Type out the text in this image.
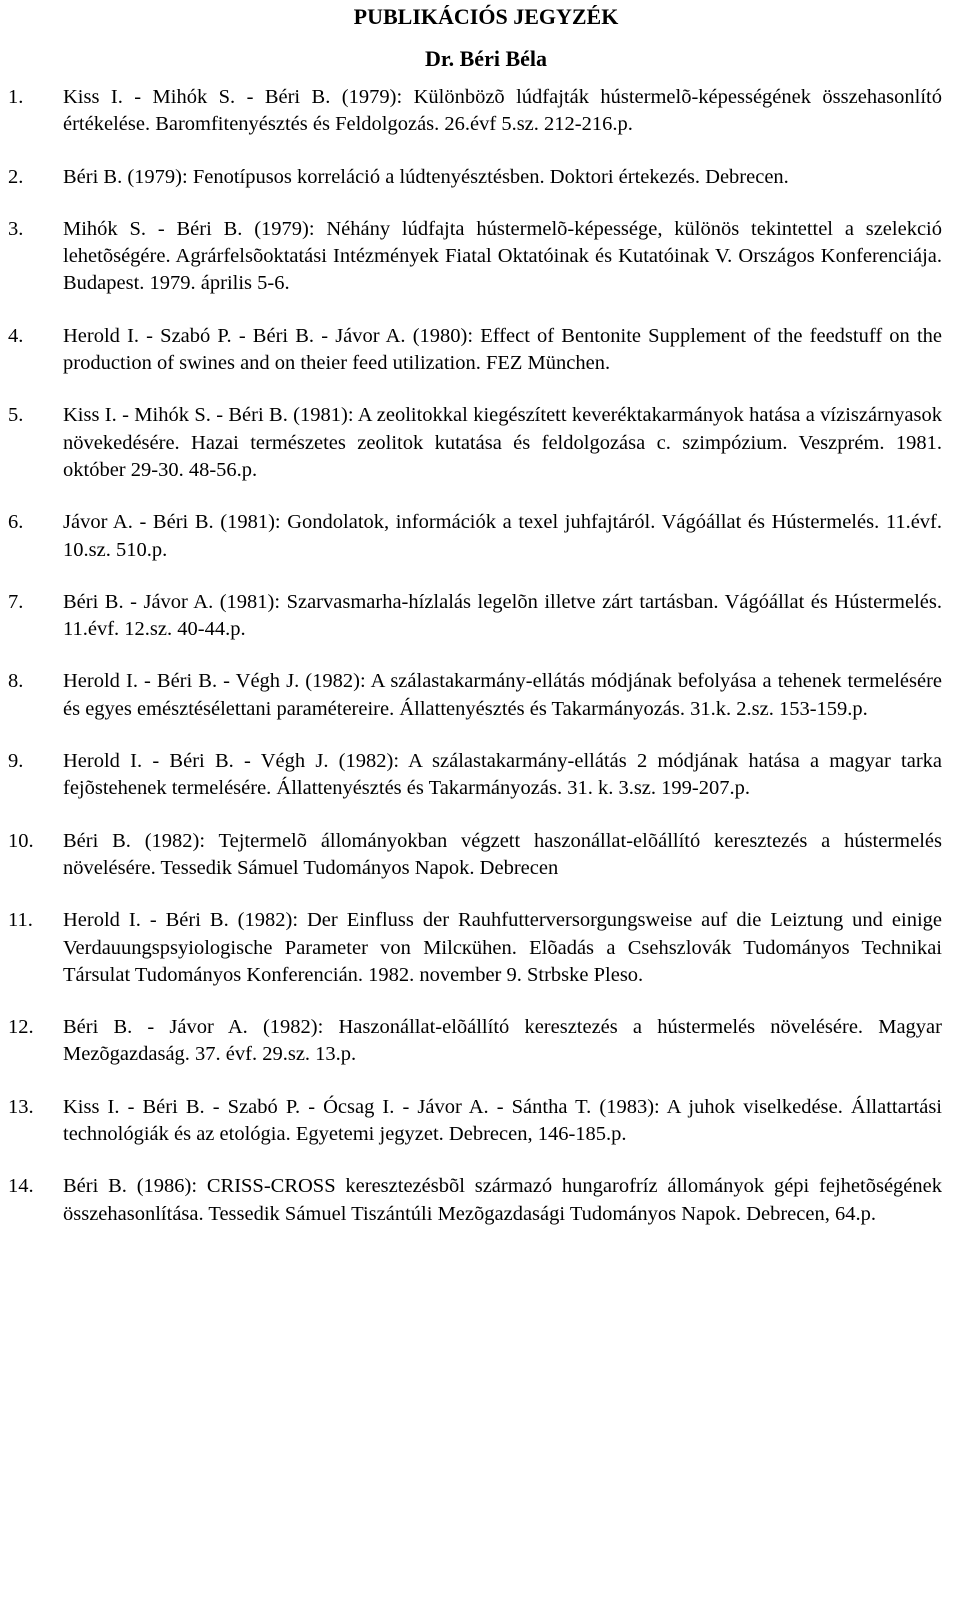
PUBLIKÁCIÓS JEGYZÉK
Dr. Béri Béla
1.	Kiss I. - Mihók S. - Béri B. (1979): Különbözõ lúdfajták hústermelõ-képességének összehasonlító értékelése. Baromfitenyésztés és Feldolgozás. 26.évf 5.sz. 212-216.p.
2.	Béri B. (1979): Fenotípusos korreláció a lúdtenyésztésben. Doktori értekezés. Debrecen.
3.	Mihók S. - Béri B. (1979): Néhány lúdfajta hústermelõ-képessége, különös tekintettel a szelekció lehetõségére. Agrárfelsõoktatási Intézmények Fiatal Oktatóinak és Kutatóinak V. Országos Konferenciája. Budapest. 1979. április 5-6.
4.	Herold I. - Szabó P. - Béri B. - Jávor A. (1980): Effect of Bentonite Supplement of the feedstuff on the production of swines and on theier feed utilization. FEZ München.
5.	Kiss I. - Mihók S. - Béri B. (1981): A zeolitokkal kiegészített keveréktakarmányok hatása a víziszárnyasok növekedésére. Hazai természetes zeolitok kutatása és feldolgozása c. szimpózium. Veszprém. 1981. október 29-30. 48-56.p.
6.	Jávor A. - Béri B. (1981): Gondolatok, információk a texel juhfajtáról. Vágóállat és Hústermelés. 11.évf. 10.sz. 510.p.
7.	Béri B. - Jávor A. (1981): Szarvasmarha-hízlalás legelõn illetve zárt tartásban. Vágóállat és Hústermelés. 11.évf. 12.sz. 40-44.p.
8.	Herold I. - Béri B. - Végh J. (1982): A szálastakarmány-ellátás módjának befolyása a tehenek termelésére és egyes emésztésélettani paramétereire. Állattenyésztés és Takarmányozás. 31.k. 2.sz. 153-159.p.
9.	Herold I. - Béri B. - Végh J. (1982): A szálastakarmány-ellátás 2 módjának hatása a magyar tarka fejõstehenek termelésére. Állattenyésztés és Takarmányozás. 31. k. 3.sz. 199-207.p.
10.	Béri B. (1982): Tejtermelõ állományokban végzett haszonállat-elõállító keresztezés a hústermelés növelésére. Tessedik Sámuel Tudományos Napok. Debrecen
11.	Herold I. - Béri B. (1982): Der Einfluss der Rauhfutterversorgungsweise auf die Leiztung und einige Verdauungspsyiologische Parameter von Milcкühen. Elõadás a Csehszlovák Tudományos Technikai Társulat Tudományos Konferencián. 1982. november 9. Strbske Pleso.
12.	Béri B. - Jávor A. (1982): Haszonállat-elõállító keresztezés a hústermelés növelésére. Magyar Mezõgazdaság. 37. évf. 29.sz. 13.p.
13.	Kiss I. - Béri B. - Szabó P. - Ócsag I. - Jávor A. - Sántha T. (1983): A juhok viselkedése. Állattartási technológiák és az etológia. Egyetemi jegyzet. Debrecen, 146-185.p.
14.	Béri B. (1986): CRISS-CROSS keresztezésbõl származó hungarofríz állományok gépi fejhetõségének összehasonlítása. Tessedik Sámuel Tiszántúli Mezõgazdasági Tudományos Napok. Debrecen, 64.p.
